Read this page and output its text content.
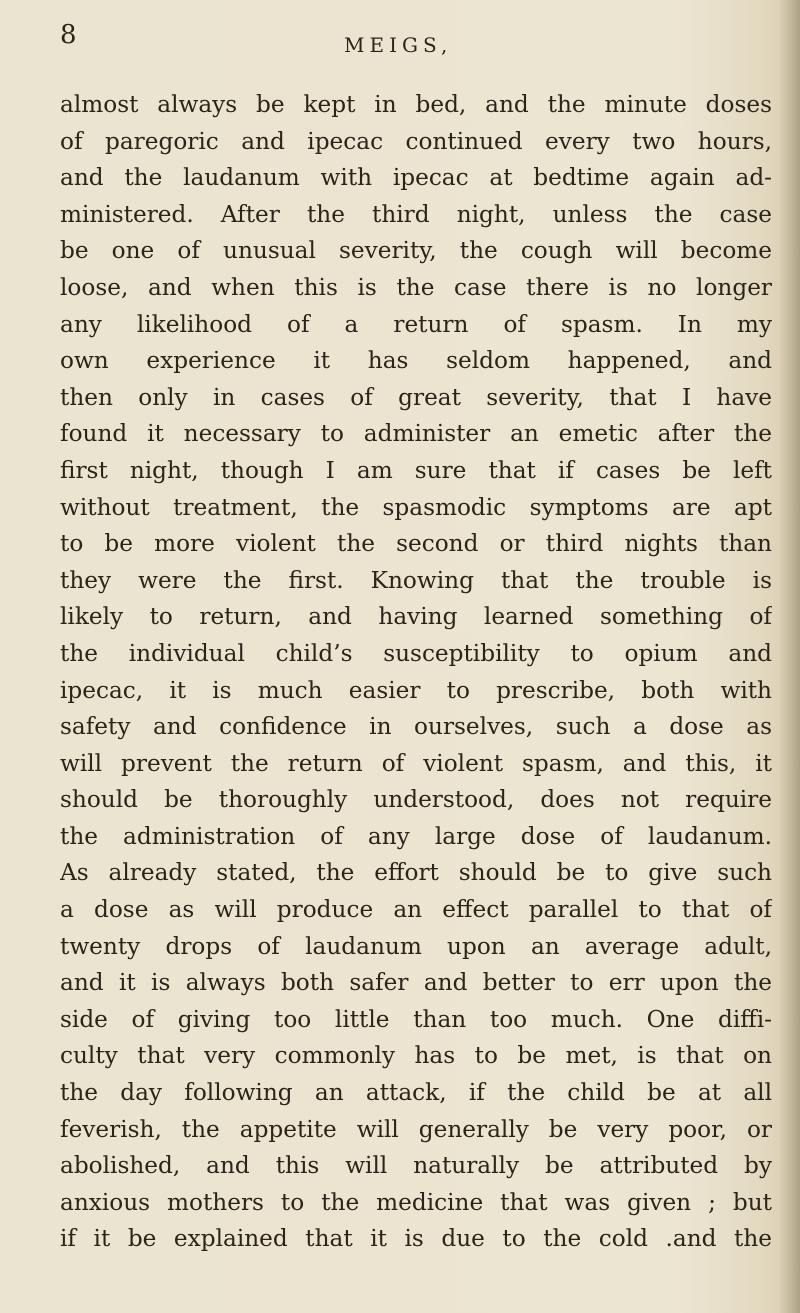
8	MEIGS,
almost always be kept in bed, and the minute doses
of paregoric and ipecac continued every two hours,
and the laudanum with ipecac at bedtime again ad-
ministered. After the third night, unless the case
be one of unusual severity, the cough will become
loose, and when this is the case there is no longer
any likelihood of a return of spasm. In my
own experience it has seldom happened, and
then only in cases of great severity, that I have
found it necessary to administer an emetic after the
first night, though I am sure that if cases be left
without treatment, the spasmodic symptoms are apt
to be more violent the second or third nights than
they were the first. Knowing that the trouble is
likely to return, and having learned something of
the individual child’s susceptibility to opium and
ipecac, it is much easier to prescribe, both with
safety and confidence in ourselves, such a dose as
will prevent the return of violent spasm, and this, it
should be thoroughly understood, does not require
the administration of any large dose of laudanum.
As already stated, the effort should be to give such
a dose as will produce an effect parallel to that of
twenty drops of laudanum upon an average adult,
and it is always both safer and better to err upon the
side of giving too little than too much. One diffi-
culty that very commonly has to be met, is that on
the day following an attack, if the child be at all
feverish, the appetite will generally be very poor, or
abolished, and this will naturally be attributed by
anxious mothers to the medicine that was given ; but
if it be explained that it is due to the cold .and the
